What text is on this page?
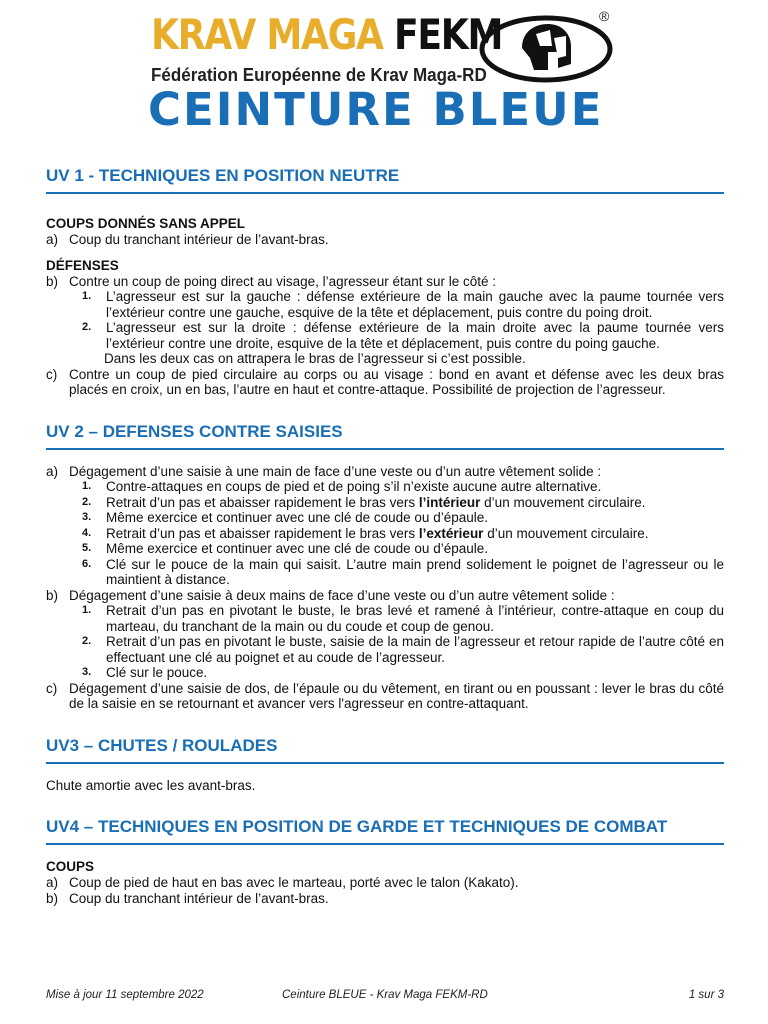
KRAV MAGA FEKM
Fédération Européenne de Krav Maga-RD
®
CEINTURE BLEUE
UV 1 - TECHNIQUES EN POSITION NEUTRE

COUPS DONNÉS SANS APPEL

a) Coup du tranchant intérieur de l’avant-bras.

DÉFENSES

b) Contre un coup de poing direct au visage, l’agresseur étant sur le côté :
1.	L’agresseur est sur la gauche : défense extérieure de la main gauche avec la paume tournée vers l’extérieur contre une gauche, esquive de la tête et déplacement, puis contre du poing droit.
2.	L’agresseur est sur la droite : défense extérieure de la main droite avec la paume tournée vers l’extérieur contre une droite, esquive de la tête et déplacement, puis contre du poing gauche.
Dans les deux cas on attrapera le bras de l’agresseur si c’est possible.
c) Contre un coup de pied circulaire au corps ou au visage : bond en avant et défense avec les deux bras placés en croix, un en bas, l’autre en haut et contre-attaque. Possibilité de projection de l’agresseur.
UV 2 – DEFENSES CONTRE SAISIES
a) Dégagement d’une saisie à une main de face d’une veste ou d’un autre vêtement solide :
1.	Contre-attaques en coups de pied et de poing s’il n’existe aucune autre alternative.
2.	Retrait d’un pas et abaisser rapidement le bras vers l’intérieur d’un mouvement circulaire.
3.	Même exercice et continuer avec une clé de coude ou d’épaule.
4.	Retrait d’un pas et abaisser rapidement le bras vers l’extérieur d’un mouvement circulaire.
5.	Même exercice et continuer avec une clé de coude ou d’épaule.
6.	Clé sur le pouce de la main qui saisit. L’autre main prend solidement le poignet de l’agresseur ou le maintient à distance.
b) Dégagement d’une saisie à deux mains de face d’une veste ou d’un autre vêtement solide :
1.	Retrait d’un pas en pivotant le buste, le bras levé et ramené à l’intérieur, contre-attaque en coup du marteau, du tranchant de la main ou du coude et coup de genou.
2.	Retrait d’un pas en pivotant le buste, saisie de la main de l’agresseur et retour rapide de l’autre côté en effectuant une clé au poignet et au coude de l’agresseur.
3.	Clé sur le pouce.
c) Dégagement d’une saisie de dos, de l’épaule ou du vêtement, en tirant ou en poussant : lever le bras du côté de la saisie en se retournant et avancer vers l'agresseur en contre-attaquant.
UV3 – CHUTES / ROULADES

Chute amortie avec les avant-bras.

UV4 – TECHNIQUES EN POSITION DE GARDE ET TECHNIQUES DE COMBAT

COUPS

a) Coup de pied de haut en bas avec le marteau, porté avec le talon (Kakato).
b) Coup du tranchant intérieur de l’avant-bras.
Mise à jour 11 septembre 2022	Ceinture BLEUE - Krav Maga FEKM-RD	1 sur 3
